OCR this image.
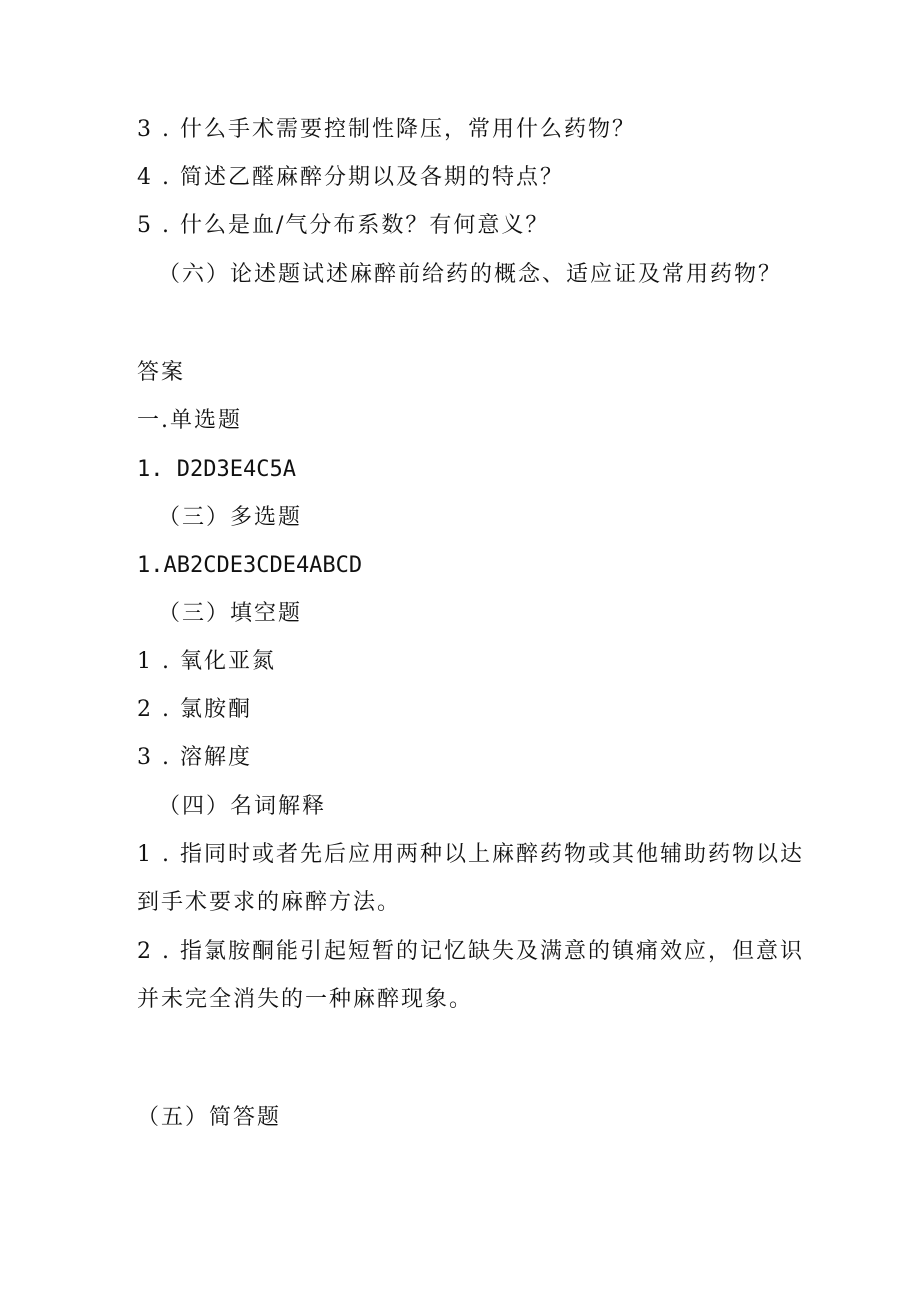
3 . 什么手术需要控制性降压，常用什么药物？
4 . 简述乙醛麻醉分期以及各期的特点？
5 . 什么是血/气分布系数？有何意义？
（六）论述题试述麻醉前给药的概念、适应证及常用药物？
答案
一.单选题
1. D2D3E4C5A
（三）多选题
1.AB2CDE3CDE4ABCD
（三）填空题
1 . 氧化亚氮
2 . 氯胺酮
3 . 溶解度
（四）名词解释
1 . 指同时或者先后应用两种以上麻醉药物或其他辅助药物以达
到手术要求的麻醉方法。
2 . 指氯胺酮能引起短暂的记忆缺失及满意的镇痛效应，但意识
并未完全消失的一种麻醉现象。
（五）简答题
